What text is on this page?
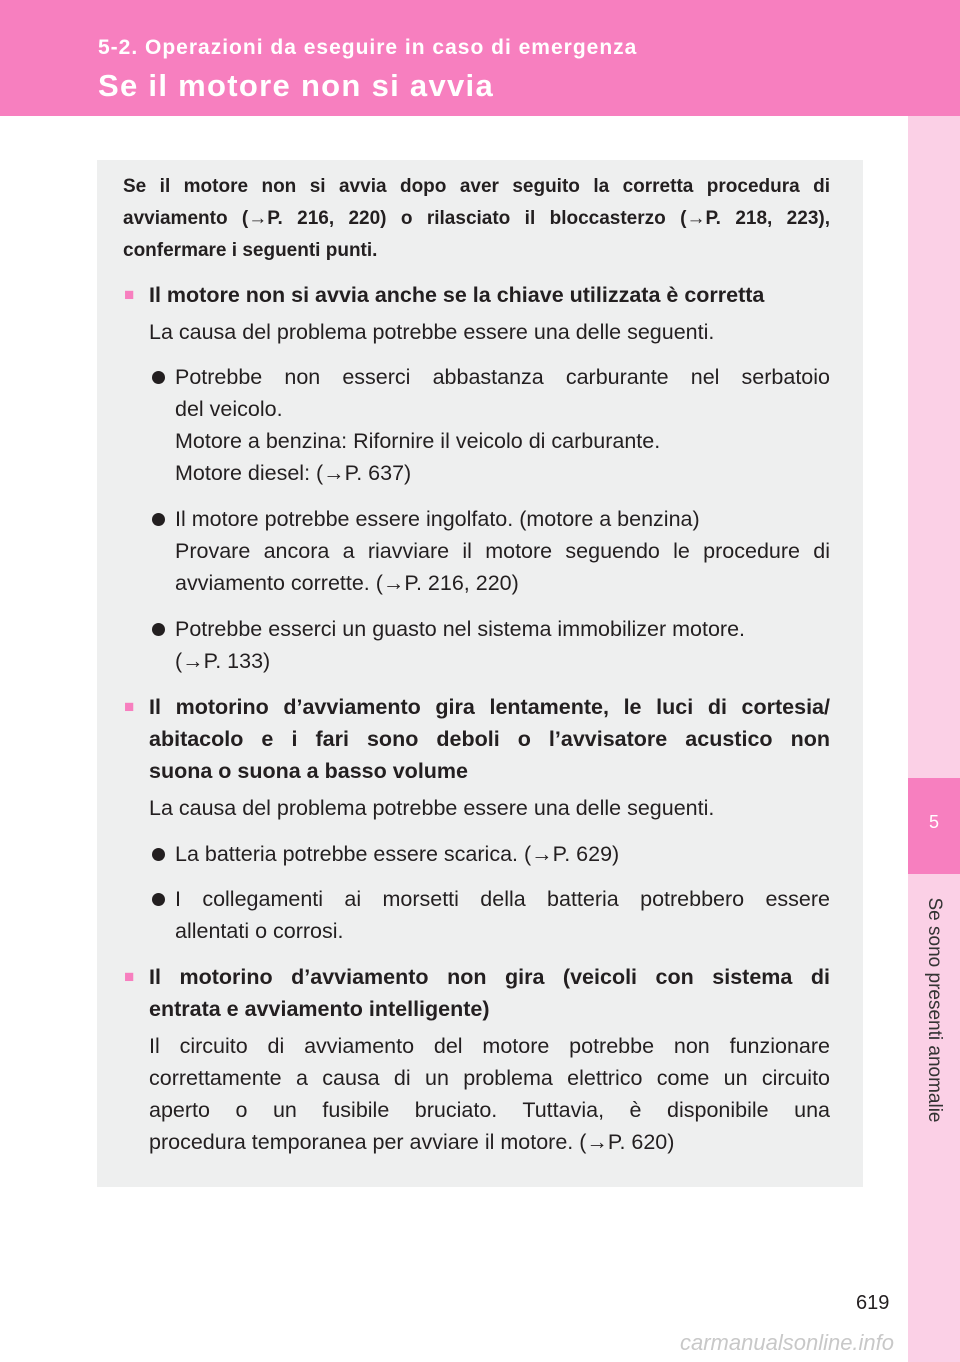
5-2. Operazioni da eseguire in caso di emergenza
Se il motore non si avvia
5
Se sono presenti anomalie
Se il motore non si avvia dopo aver seguito la corretta procedura di
avviamento (→P. 216, 220) o rilasciato il bloccasterzo (→P. 218, 223),
confermare i seguenti punti.
■ Il motore non si avvia anche se la chiave utilizzata è corretta
La causa del problema potrebbe essere una delle seguenti.
Potrebbe non esserci abbastanza carburante nel serbatoio
del veicolo.
Motore a benzina: Rifornire il veicolo di carburante.
Motore diesel: (→P. 637)
Il motore potrebbe essere ingolfato. (motore a benzina)
Provare ancora a riavviare il motore seguendo le procedure di
avviamento corrette. (→P. 216, 220)
Potrebbe esserci un guasto nel sistema immobilizer motore.
(→P. 133)
■ Il motorino d’avviamento gira lentamente, le luci di cortesia/
abitacolo e i fari sono deboli o l’avvisatore acustico non
suona o suona a basso volume
La causa del problema potrebbe essere una delle seguenti.
La batteria potrebbe essere scarica. (→P. 629)
I collegamenti ai morsetti della batteria potrebbero essere
allentati o corrosi.
■ Il motorino d’avviamento non gira (veicoli con sistema di
entrata e avviamento intelligente)
Il circuito di avviamento del motore potrebbe non funzionare
correttamente a causa di un problema elettrico come un circuito
aperto o un fusibile bruciato. Tuttavia, è disponibile una
procedura temporanea per avviare il motore. (→P. 620)
619
carmanualsonline.info
